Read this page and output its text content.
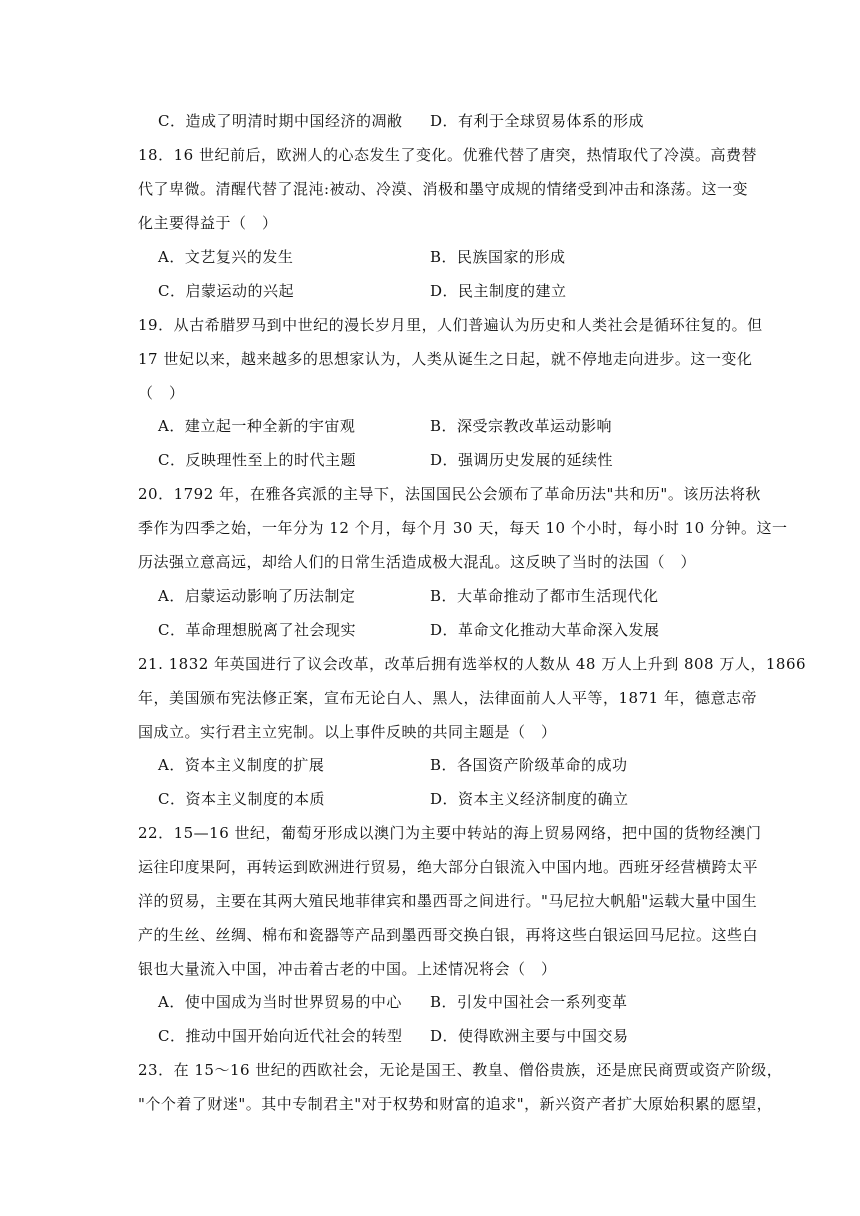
C．造成了明清时期中国经济的凋敝 D．有利于全球贸易体系的形成
18．16 世纪前后，欧洲人的心态发生了变化。优雅代替了唐突，热情取代了冷漠。高费替
代了卑微。清醒代替了混沌:被动、冷漠、消极和墨守成规的情绪受到冲击和涤荡。这一变
化主要得益于（　）
A．文艺复兴的发生	B．民族国家的形成
C．启蒙运动的兴起	D．民主制度的建立
19．从古希腊罗马到中世纪的漫长岁月里，人们普遍认为历史和人类社会是循环往复的。但
17 世妃以来，越来越多的思想家认为，人类从诞生之日起，就不停地走向进步。这一变化
（　）
A．建立起一种全新的宇宙观	B．深受宗教改革运动影响
C．反映理性至上的时代主题	D．强调历史发展的延续性
20．1792 年，在雅各宾派的主导下，法国国民公会颁布了革命历法"共和历"。该历法将秋
季作为四季之始，一年分为 12 个月，每个月 30 天，每天 10 个小时，每小时 10 分钟。这一
历法强立意高远，却给人们的日常生活造成极大混乱。这反映了当时的法国（　）
A．启蒙运动影响了历法制定	B．大革命推动了都市生活现代化
C．革命理想脱离了社会现实	D．革命文化推动大革命深入发展
21. 1832 年英国进行了议会改革，改革后拥有选举权的人数从 48 万人上升到 808 万人，1866
年，美国颁布宪法修正案，宣布无论白人、黑人，法律面前人人平等，1871 年，德意志帝
国成立。实行君主立宪制。以上事件反映的共同主题是（　）
A．资本主义制度的扩展	B．各国资产阶级革命的成功
C．资本主义制度的本质	D．资本主义经济制度的确立
22．15—16 世纪，葡萄牙形成以澳门为主要中转站的海上贸易网络，把中国的货物经澳门
运往印度果阿，再转运到欧洲进行贸易，绝大部分白银流入中国内地。西班牙经营横跨太平
洋的贸易，主要在其两大殖民地菲律宾和墨西哥之间进行。"马尼拉大帆船"运载大量中国生
产的生丝、丝绸、棉布和瓷器等产品到墨西哥交换白银，再将这些白银运回马尼拉。这些白
银也大量流入中国，冲击着古老的中国。上述情况将会（　）
A．使中国成为当时世界贸易的中心 B．引发中国社会一系列变革
C．推动中国开始向近代社会的转型 D．使得欧洲主要与中国交易
23．在 15～16 世纪的西欧社会，无论是国王、教皇、僧俗贵族，还是庶民商贾或资产阶级，
"个个着了财迷"。其中专制君主"对于权势和财富的追求"，新兴资产者扩大原始积累的愿望，
